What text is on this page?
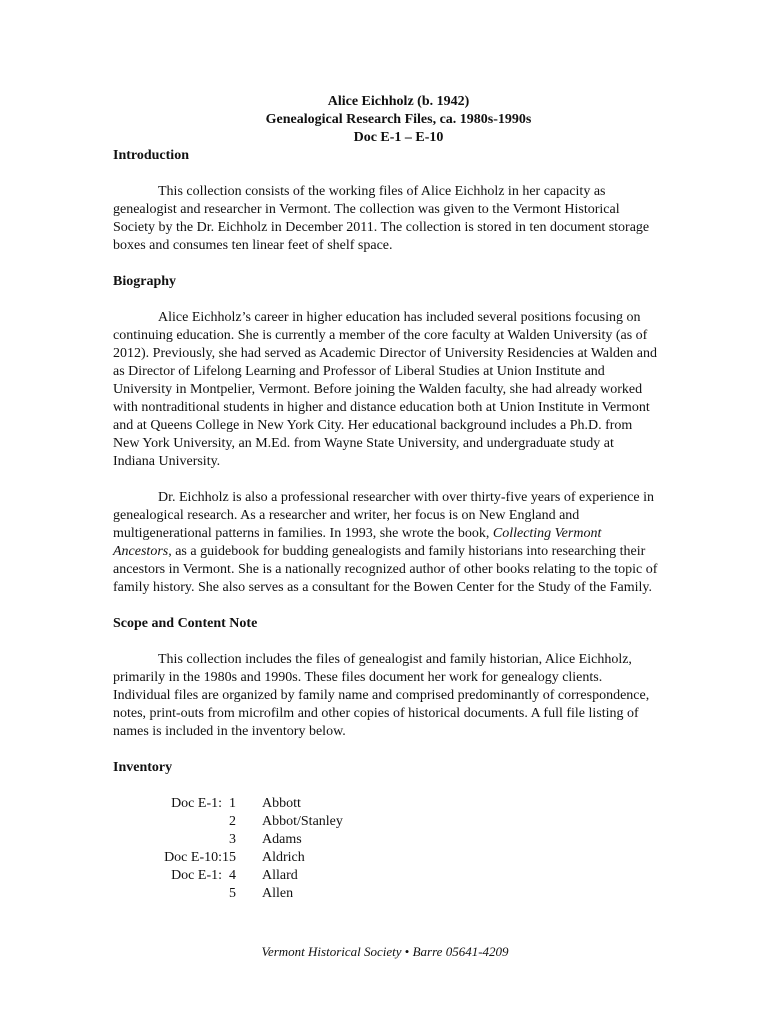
Alice Eichholz (b. 1942)
Genealogical Research Files, ca. 1980s-1990s
Doc E-1 – E-10
Introduction

This collection consists of the working files of Alice Eichholz in her capacity as genealogist and researcher in Vermont. The collection was given to the Vermont Historical Society by the Dr. Eichholz in December 2011. The collection is stored in ten document storage boxes and consumes ten linear feet of shelf space.

Biography

Alice Eichholz’s career in higher education has included several positions focusing on continuing education. She is currently a member of the core faculty at Walden University (as of 2012). Previously, she had served as Academic Director of University Residencies at Walden and as Director of Lifelong Learning and Professor of Liberal Studies at Union Institute and University in Montpelier, Vermont. Before joining the Walden faculty, she had already worked with nontraditional students in higher and distance education both at Union Institute in Vermont and at Queens College in New York City. Her educational background includes a Ph.D. from New York University, an M.Ed. from Wayne State University, and undergraduate study at Indiana University.

Dr. Eichholz is also a professional researcher with over thirty-five years of experience in genealogical research. As a researcher and writer, her focus is on New England and multigenerational patterns in families. In 1993, she wrote the book, Collecting Vermont Ancestors, as a guidebook for budding genealogists and family historians into researching their ancestors in Vermont. She is a nationally recognized author of other books relating to the topic of family history. She also serves as a consultant for the Bowen Center for the Study of the Family.

Scope and Content Note

This collection includes the files of genealogist and family historian, Alice Eichholz, primarily in the 1980s and 1990s. These files document her work for genealogy clients. Individual files are organized by family name and comprised predominantly of correspondence, notes, print-outs from microfilm and other copies of historical documents. A full file listing of names is included in the inventory below.

Inventory
Doc E-1:	1	Abbott
	2	Abbot/Stanley
	3	Adams
Doc E-10:	15	Aldrich
Doc E-1:	4	Allard
	5	Allen
Vermont Historical Society • Barre 05641-4209
